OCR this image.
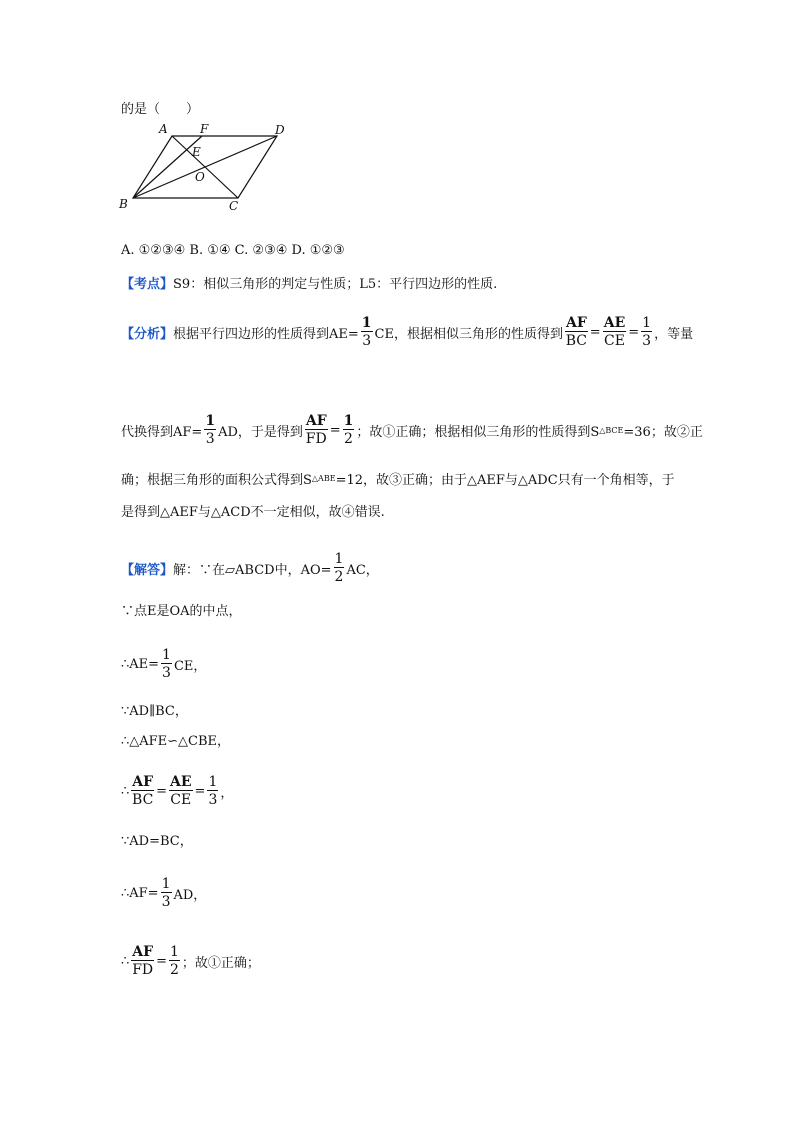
的是（　　）
A	F	D
E
O
B	C
A. ①②③④ B. ①④ C. ②③④ D. ①②③
【考点】 S9：相似三角形的判定与性质；L5：平行四边形的性质.
【分析】 根据平行四边形的性质得到$AE= \frac{1}{3}$ CE，根据相似三角形的性质得到 $\frac{AF}{BC} = \frac{AE}{CE} = \frac{1}{3}$ ，等量
代换得到$AF= \frac{1}{3}$ AD，于是得到 $\frac{AF}{FD} = \frac{1}{2}$ ；故①正确；根据相似三角形的性质得到S △BCE =36；故②正
确；根据三角形的面积公式得到S △ABE =12，故③正确；由于△AEF与△ADC只有一个角相等，于
是得到△AEF与△ACD不一定相似，故④错误.
【解答】 解：∵在▱ABCD中，$AO= \frac{1}{2}$ AC，
∵点E是OA的中点，
∴AE= $\frac{1}{3}$ CE，
∵AD∥BC，
∴△AFE∽△CBE，
∴ $\frac{AF}{BC} = \frac{AE}{CE} = \frac{1}{3}$ ，
∵AD=BC，
∴AF= $\frac{1}{3}$ AD，
∴ $\frac{AF}{FD} = \frac{1}{2}$ ；故①正确；
